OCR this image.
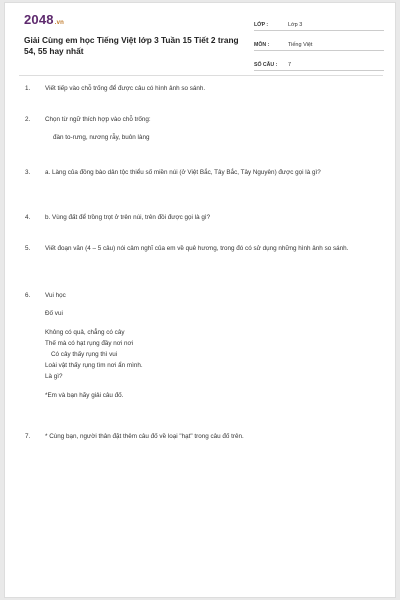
2048.vn
Giải Cùng em học Tiếng Việt lớp 3 Tuần 15 Tiết 2 trang 54, 55 hay nhất
LỚP :	Lớp 3
MÔN :	Tiếng Việt
SỐ CÂU :	7
1. Viết tiếp vào chỗ trống để được câu có hình ảnh so sánh.
2. Chọn từ ngữ thích hợp vào chỗ trống:
đàn to-rưng, nương rẫy, buôn làng
3. a. Làng của đồng bào dân tộc thiểu số miền núi (ở Việt Bắc, Tây Bắc, Tây Nguyên) được gọi là gì?
4. b. Vùng đất để trồng trọt ở trên núi, trên đồi được gọi là gì?
5. Viết đoạn văn (4 – 5 câu) nói cảm nghĩ của em về quê hương, trong đó có sử dụng những hình ảnh so sánh.
6. Vui học
Đố vui
Không có quả, chẳng có cây
Thế mà có hạt rụng đầy nơi nơi
Có cây thấy rụng thì vui
Loài vật thấy rụng tìm nơi ẩn mình.
Là gì?
*Em và bạn hãy giải câu đố.
7. * Cùng bạn, người thân đặt thêm câu đố về loại "hạt" trong câu đố trên.
